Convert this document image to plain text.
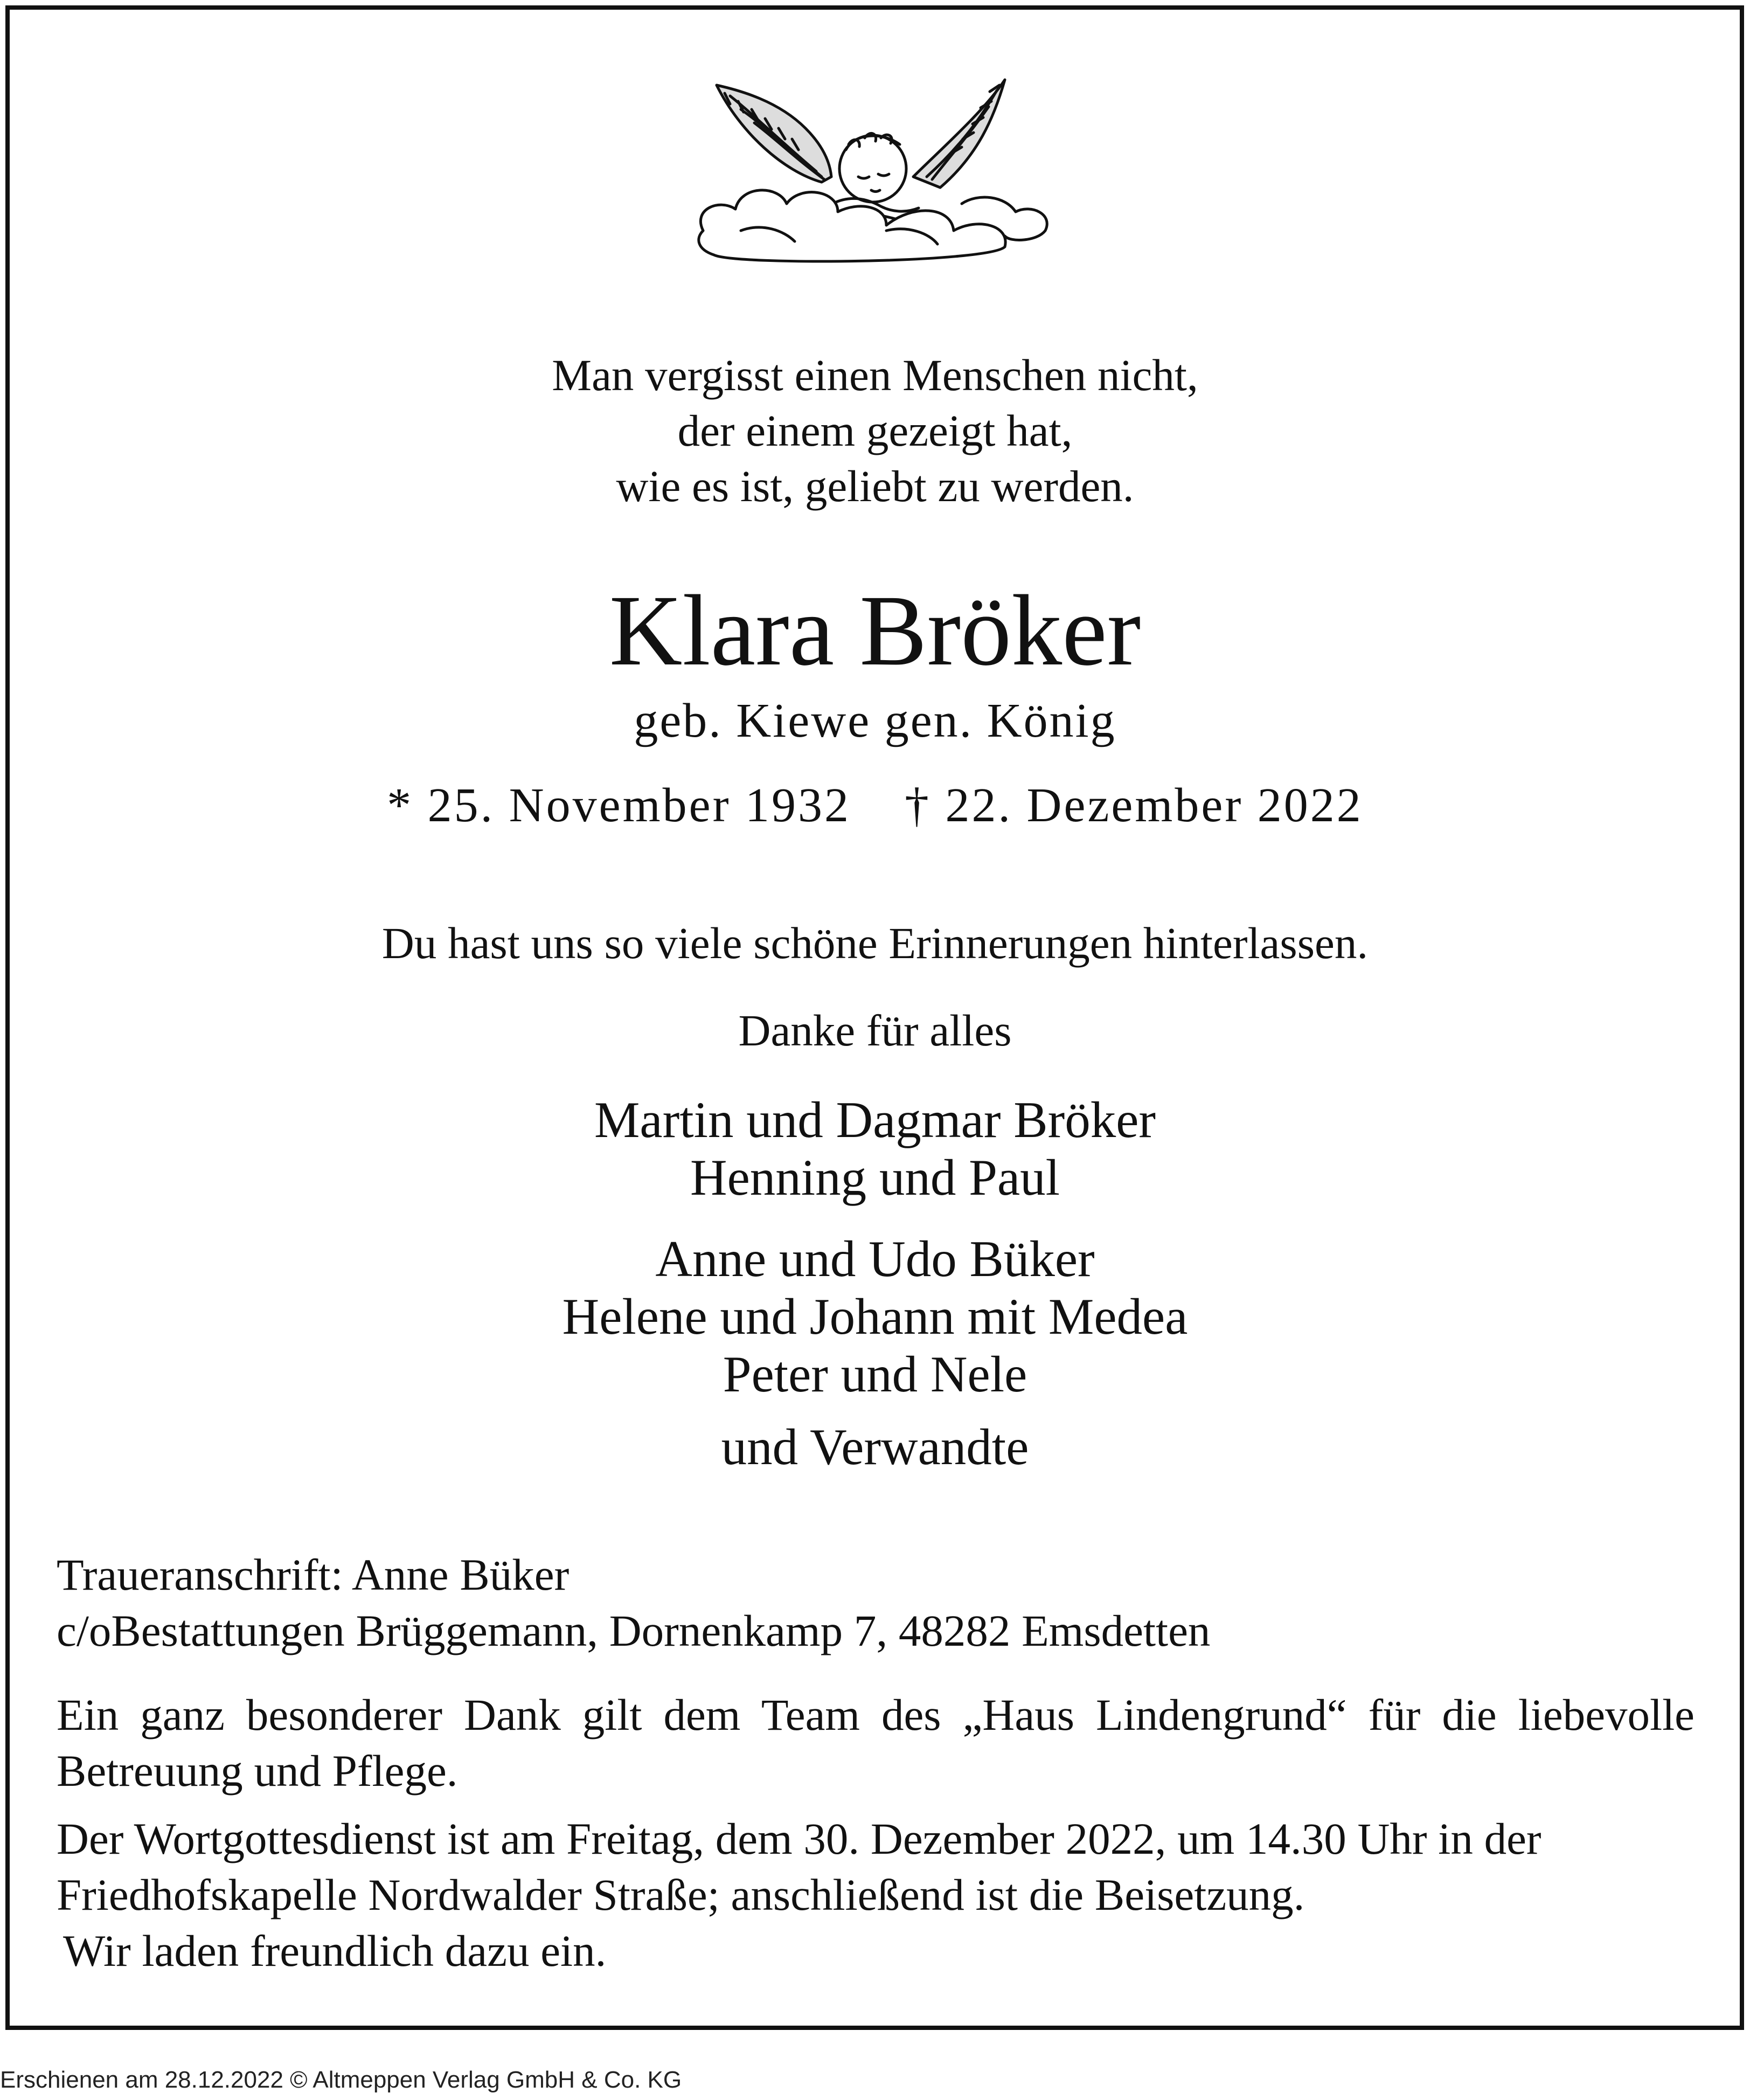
Man vergisst einen Menschen nicht,
der einem gezeigt hat,
wie es ist, geliebt zu werden.
Klara Bröker
geb. Kiewe gen. König
* 25. November 1932 † 22. Dezember 2022
Du hast uns so viele schöne Erinnerungen hinterlassen.
Danke für alles
Martin und Dagmar Bröker
Henning und Paul
Anne und Udo Büker
Helene und Johann mit Medea
Peter und Nele
und Verwandte
Traueranschrift: Anne Büker
c/oBestattungen Brüggemann, Dornenkamp 7, 48282 Emsdetten
Ein ganz besonderer Dank gilt dem Team des „Haus Lindengrund“ für die liebevolle Betreuung und Pflege.
Der Wortgottesdienst ist am Freitag, dem 30. Dezember 2022, um 14.30 Uhr in der
Friedhofskapelle Nordwalder Straße; anschließend ist die Beisetzung.
Wir laden freundlich dazu ein.
Erschienen am 28.12.2022 © Altmeppen Verlag GmbH & Co. KG
